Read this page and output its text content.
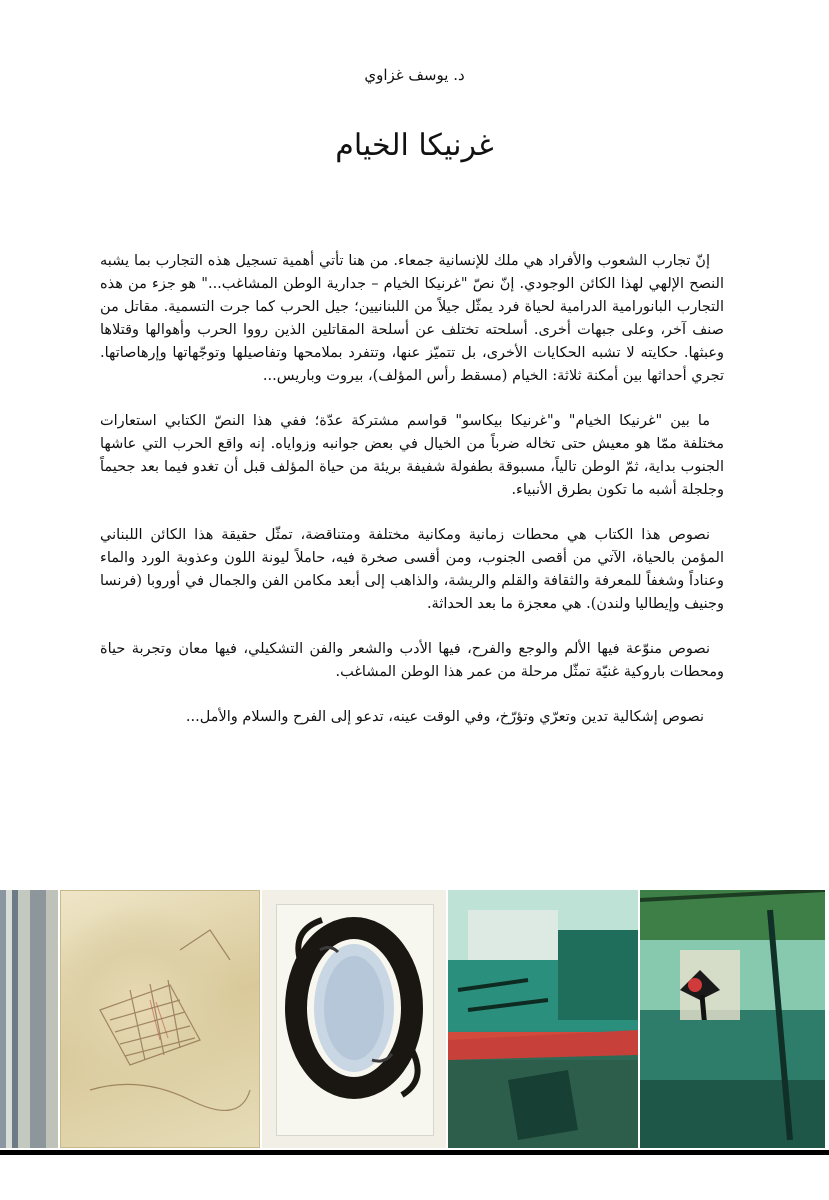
د. يوسف غزاوي
غرنيكا الخيام

إنّ تجارب الشعوب والأفراد هي ملك للإنسانية جمعاء. من هنا تأتي أهمية تسجيل هذه التجارب بما يشبه النصح الإلهي لهذا الكائن الوجودي. إنّ نصّ "غرنيكا الخيام – جدارية الوطن المشاغب..." هو جزء من هذه التجارب البانورامية الدرامية لحياة فرد يمثّل جيلاً من اللبنانيين؛ جيل الحرب كما جرت التسمية. مقاتل من صنف آخر، وعلى جبهات أخرى. أسلحته تختلف عن أسلحة المقاتلين الذين رووا الحرب وأهوالها وقتلاها وعبثها. حكايته لا تشبه الحكايات الأخرى، بل تتميّز عنها، وتتفرد بملامحها وتفاصيلها وتوجّهاتها وإرهاصاتها. تجري أحداثها بين أمكنة ثلاثة: الخيام (مسقط رأس المؤلف)، بيروت وباريس...

ما بين "غرنيكا الخيام" و"غرنيكا بيكاسو" قواسم مشتركة عدّة؛ ففي هذا النصّ الكتابي استعارات مختلفة ممّا هو معيش حتى تخاله ضرباً من الخيال في بعض جوانبه وزواياه. إنه واقع الحرب التي عاشها الجنوب بداية، ثمّ الوطن تالياً، مسبوقة بطفولة شفيفة بريئة من حياة المؤلف قبل أن تغدو فيما بعد جحيماً وجلجلة أشبه ما تكون بطرق الأنبياء.

نصوص هذا الكتاب هي محطات زمانية ومكانية مختلفة ومتناقضة، تمثّل حقيقة هذا الكائن اللبناني المؤمن بالحياة، الآتي من أقصى الجنوب، ومن أقسى صخرة فيه، حاملاً ليونة اللون وعذوبة الورد والماء وعناداً وشغفاً للمعرفة والثقافة والقلم والريشة، والذاهب إلى أبعد مكامن الفن والجمال في أوروبا (فرنسا وجنيف وإيطاليا ولندن). هي معجزة ما بعد الحداثة.

نصوص منوّعة فيها الألم والوجع والفرح، فيها الأدب والشعر والفن التشكيلي، فيها معان وتجربة حياة ومحطات باروكية غنيّة تمثّل مرحلة من عمر هذا الوطن المشاغب.

نصوص إشكالية تدين وتعرّي وتؤرّخ، وفي الوقت عينه، تدعو إلى الفرح والسلام والأمل...
